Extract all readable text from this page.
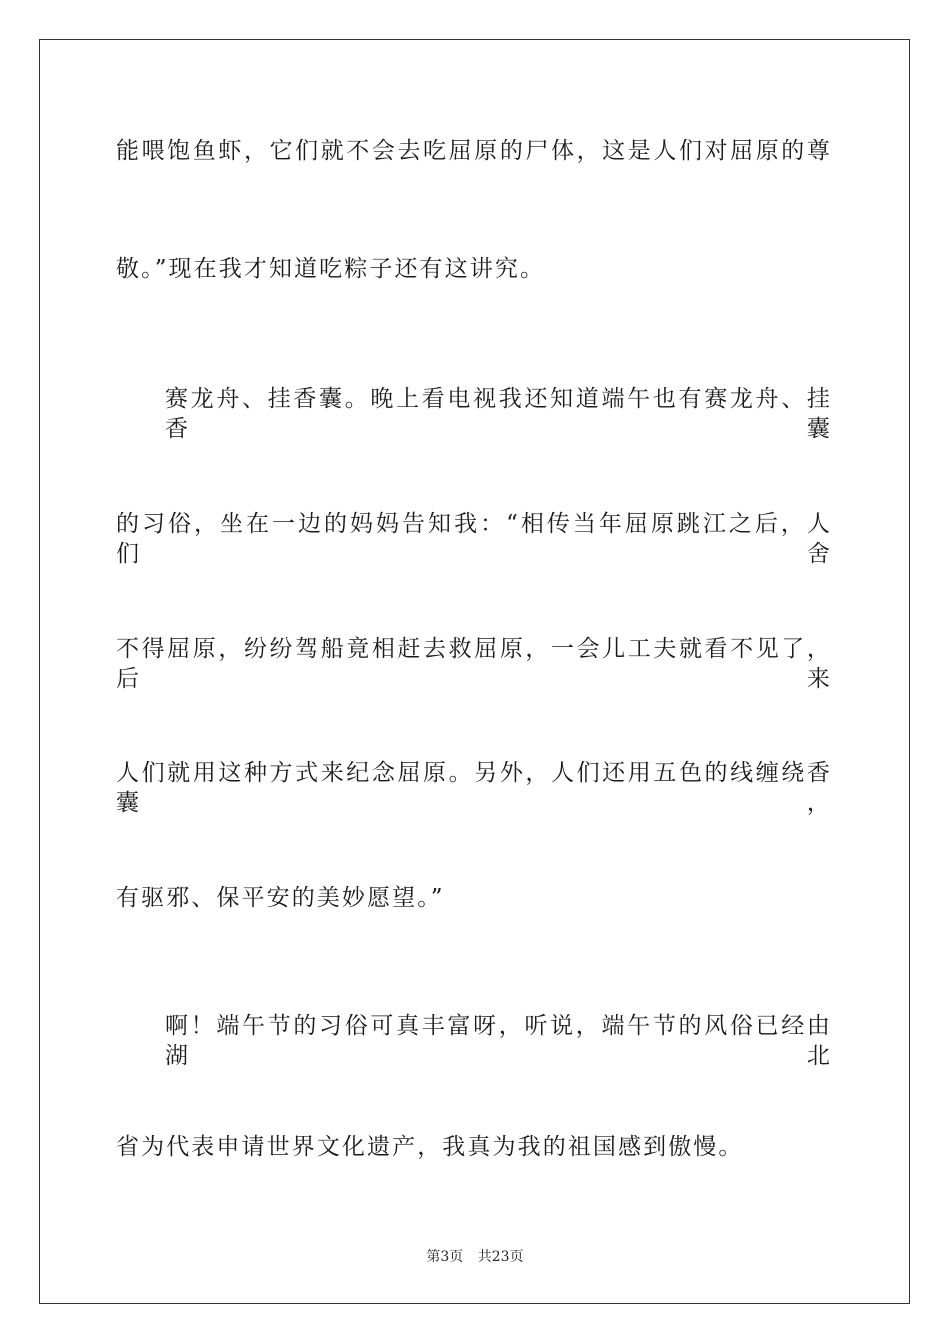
能喂饱鱼虾，它们就不会去吃屈原的尸体，这是人们对屈原的尊
敬。”现在我才知道吃粽子还有这讲究。
赛龙舟、挂香囊。晚上看电视我还知道端午也有赛龙舟、挂香囊
的习俗，坐在一边的妈妈告知我：“相传当年屈原跳江之后，人们舍
不得屈原，纷纷驾船竟相赶去救屈原，一会儿工夫就看不见了，后来
人们就用这种方式来纪念屈原。另外，人们还用五色的线缠绕香囊，
有驱邪、保平安的美妙愿望。”
啊！端午节的习俗可真丰富呀，听说，端午节的风俗已经由湖北
省为代表申请世界文化遗产，我真为我的祖国感到傲慢。
第3页 共23页
